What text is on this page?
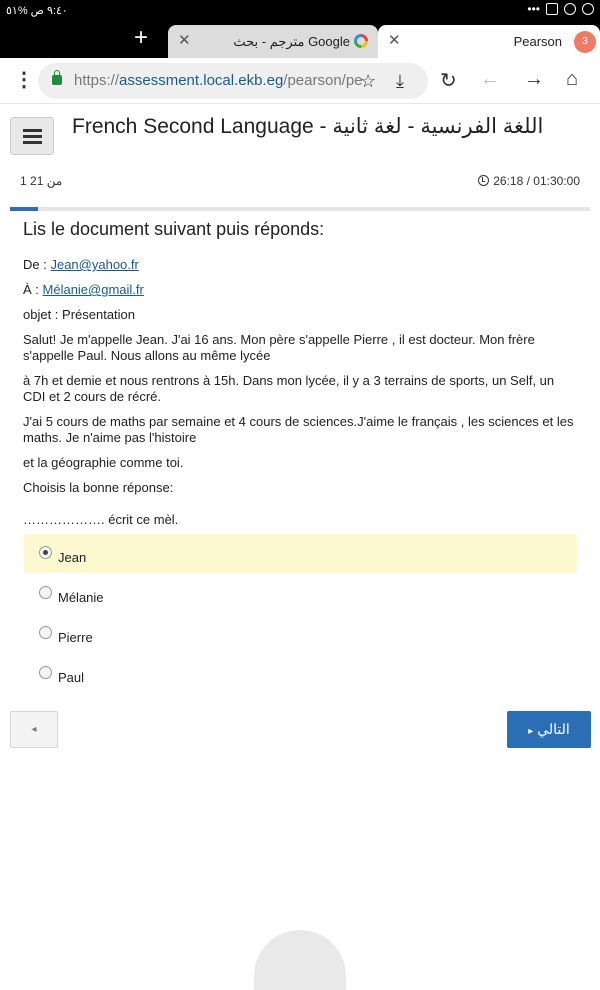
٩:٤٠ ص %٥١	•••
+	✕	مترجم - بحث Google	✕	Pearson	3
⋮	https://assessment.local.ekb.eg/pearson/pe
☆ ⤓ ↻ ← → ⌂
French Second Language - اللغة الفرنسية - لغة ثانية
1 من 21	26:18 / 01:30:00
Lis le document suivant puis réponds:

De : Jean@yahoo.fr

À : Mélanie@gmail.fr

objet : Présentation

Salut! Je m'appelle Jean. J'ai 16 ans. Mon père s'appelle Pierre , il est docteur. Mon frère s'appelle Paul. Nous allons au même lycée

à 7h et demie et nous rentrons à 15h. Dans mon lycée, il y a 3 terrains de sports, un Self, un CDI et 2 cours de récré.

J'ai 5 cours de maths par semaine et 4 cours de sciences.J'aime le français , les sciences et les maths. Je n'aime pas l'histoire

et la géographie comme toi.

Choisis la bonne réponse:

………………. écrit ce mèl.

Jean
Mélanie
Pierre
Paul
◂	▸ التالي
